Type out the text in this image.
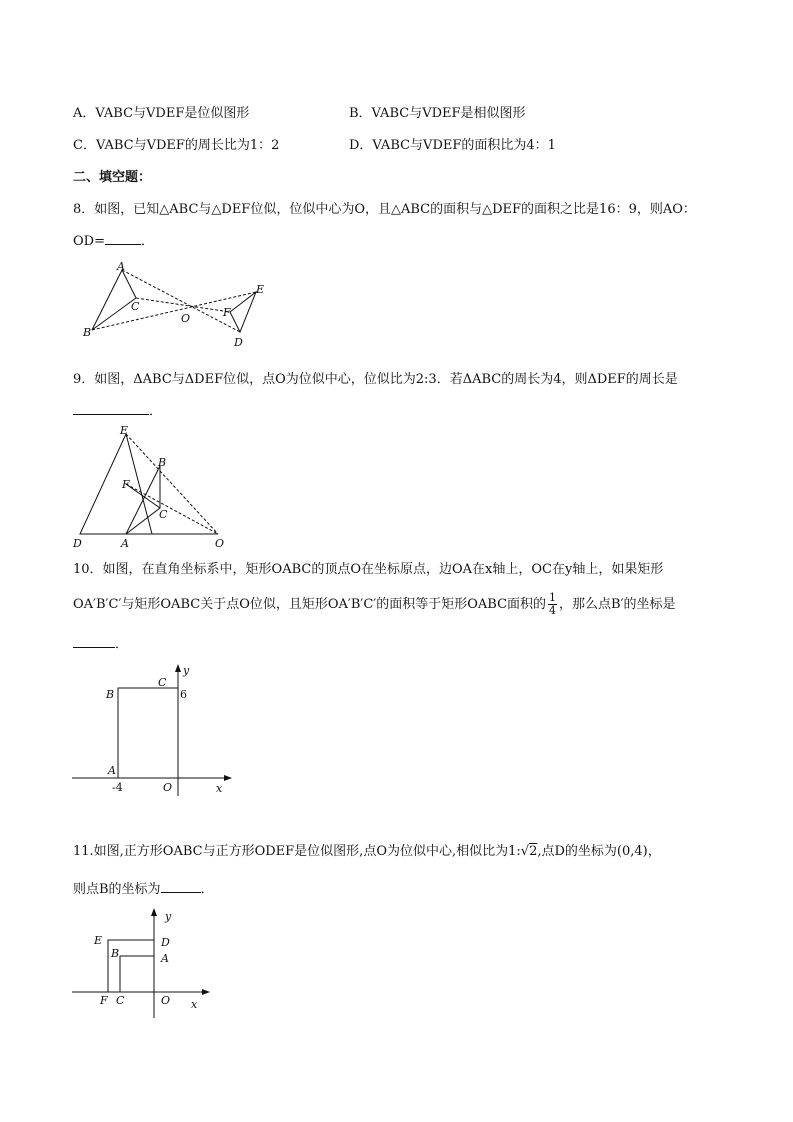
A．VABC与VDEF是位似图形	B．VABC与VDEF是相似图形
C．VABC与VDEF的周长比为1：2	D．VABC与VDEF的面积比为4：1
二、填空题：
8．如图，已知△ABC与△DEF位似，位似中心为O，且△ABC的面积与△DEF的面积之比是16：9，则AO：
OD=	．
A
B
C
O
E
F
D
9．如图，ΔABC与ΔDEF位似，点O为位似中心，位似比为2:3．若ΔABC的周长为4，则ΔDEF的周长是
．
E
B
F
C
D	A	O
10．如图，在直角坐标系中，矩形OABC的顶点O在坐标原点，边OA在x轴上，OC在y轴上，如果矩形
OA′B′C′与矩形OABC关于点O位似，且矩形OA′B′C′的面积等于矩形OABC面积的 $\frac{1}{4}$ ，那么点B′的坐标是
．
y
C
6
B
A
-4	O	x
11.如图,正方形OABC与正方形ODEF是位似图形,点O为位似中心,相似比为1:√2,点D的坐标为(0,4)，
则点B的坐标为	．
y
E	D
B	A
F C	O x
